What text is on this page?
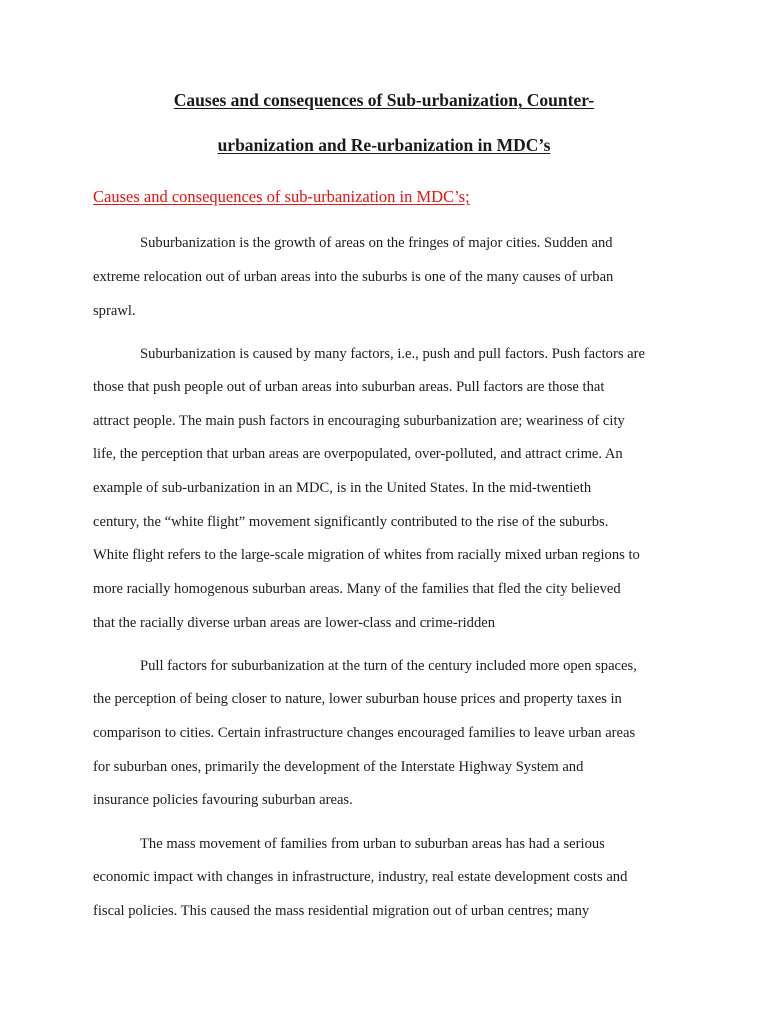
Causes and consequences of Sub-urbanization, Counter-
urbanization and Re-urbanization in MDC’s
Causes and consequences of sub-urbanization in MDC’s;
Suburbanization is the growth of areas on the fringes of major cities. Sudden and
extreme relocation out of urban areas into the suburbs is one of the many causes of urban
sprawl.
Suburbanization is caused by many factors, i.e., push and pull factors. Push factors are
those that push people out of urban areas into suburban areas. Pull factors are those that
attract people. The main push factors in encouraging suburbanization are; weariness of city
life, the perception that urban areas are overpopulated, over-polluted, and attract crime. An
example of sub-urbanization in an MDC, is in the United States. In the mid-twentieth
century, the “white flight” movement significantly contributed to the rise of the suburbs.
White flight refers to the large-scale migration of whites from racially mixed urban regions to
more racially homogenous suburban areas. Many of the families that fled the city believed
that the racially diverse urban areas are lower-class and crime-ridden
Pull factors for suburbanization at the turn of the century included more open spaces,
the perception of being closer to nature, lower suburban house prices and property taxes in
comparison to cities. Certain infrastructure changes encouraged families to leave urban areas
for suburban ones, primarily the development of the Interstate Highway System and
insurance policies favouring suburban areas.
The mass movement of families from urban to suburban areas has had a serious
economic impact with changes in infrastructure, industry, real estate development costs and
fiscal policies. This caused the mass residential migration out of urban centres; many
